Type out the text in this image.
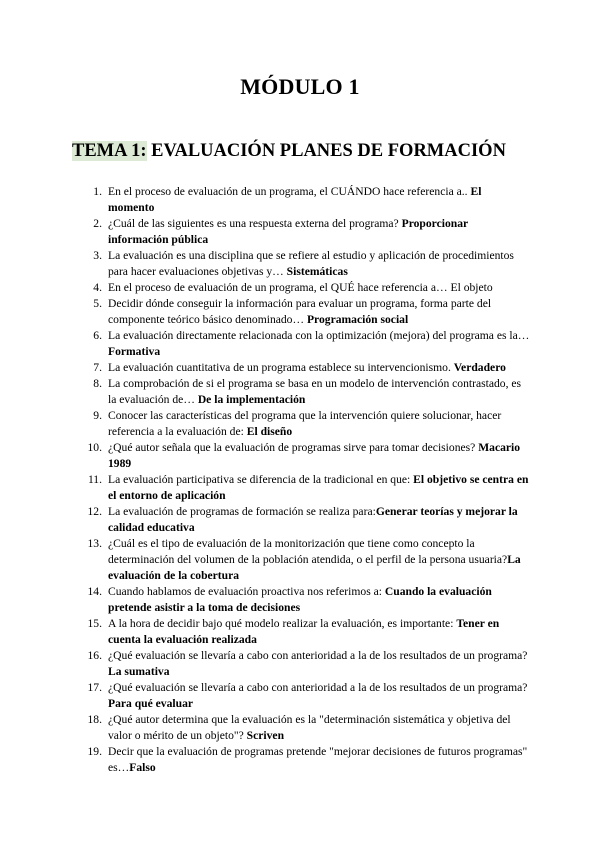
MÓDULO 1
TEMA 1: EVALUACIÓN PLANES DE FORMACIÓN
1. En el proceso de evaluación de un programa, el CUÁNDO hace referencia a.. El momento
2. ¿Cuál de las siguientes es una respuesta externa del programa? Proporcionar información pública
3. La evaluación es una disciplina que se refiere al estudio y aplicación de procedimientos para hacer evaluaciones objetivas y… Sistemáticas
4. En el proceso de evaluación de un programa, el QUÉ hace referencia a… El objeto
5. Decidir dónde conseguir la información para evaluar un programa, forma parte del componente teórico básico denominado… Programación social
6. La evaluación directamente relacionada con la optimización (mejora) del programa es la… Formativa
7. La evaluación cuantitativa de un programa establece su intervencionismo. Verdadero
8. La comprobación de si el programa se basa en un modelo de intervención contrastado, es la evaluación de… De la implementación
9. Conocer las características del programa que la intervención quiere solucionar, hacer referencia a la evaluación de: El diseño
10. ¿Qué autor señala que la evaluación de programas sirve para tomar decisiones? Macario 1989
11. La evaluación participativa se diferencia de la tradicional en que: El objetivo se centra en el entorno de aplicación
12. La evaluación de programas de formación se realiza para:Generar teorías y mejorar la calidad educativa
13. ¿Cuál es el tipo de evaluación de la monitorización que tiene como concepto la determinación del volumen de la población atendida, o el perfil de la persona usuaria?La evaluación de la cobertura
14. Cuando hablamos de evaluación proactiva nos referimos a: Cuando la evaluación pretende asistir a la toma de decisiones
15. A la hora de decidir bajo qué modelo realizar la evaluación, es importante: Tener en cuenta la evaluación realizada
16. ¿Qué evaluación se llevaría a cabo con anterioridad a la de los resultados de un programa?La sumativa
17. ¿Qué evaluación se llevaría a cabo con anterioridad a la de los resultados de un programa?Para qué evaluar
18. ¿Qué autor determina que la evaluación es la "determinación sistemática y objetiva del valor o mérito de un objeto"? Scriven
19. Decir que la evaluación de programas pretende "mejorar decisiones de futuros programas" es…Falso
